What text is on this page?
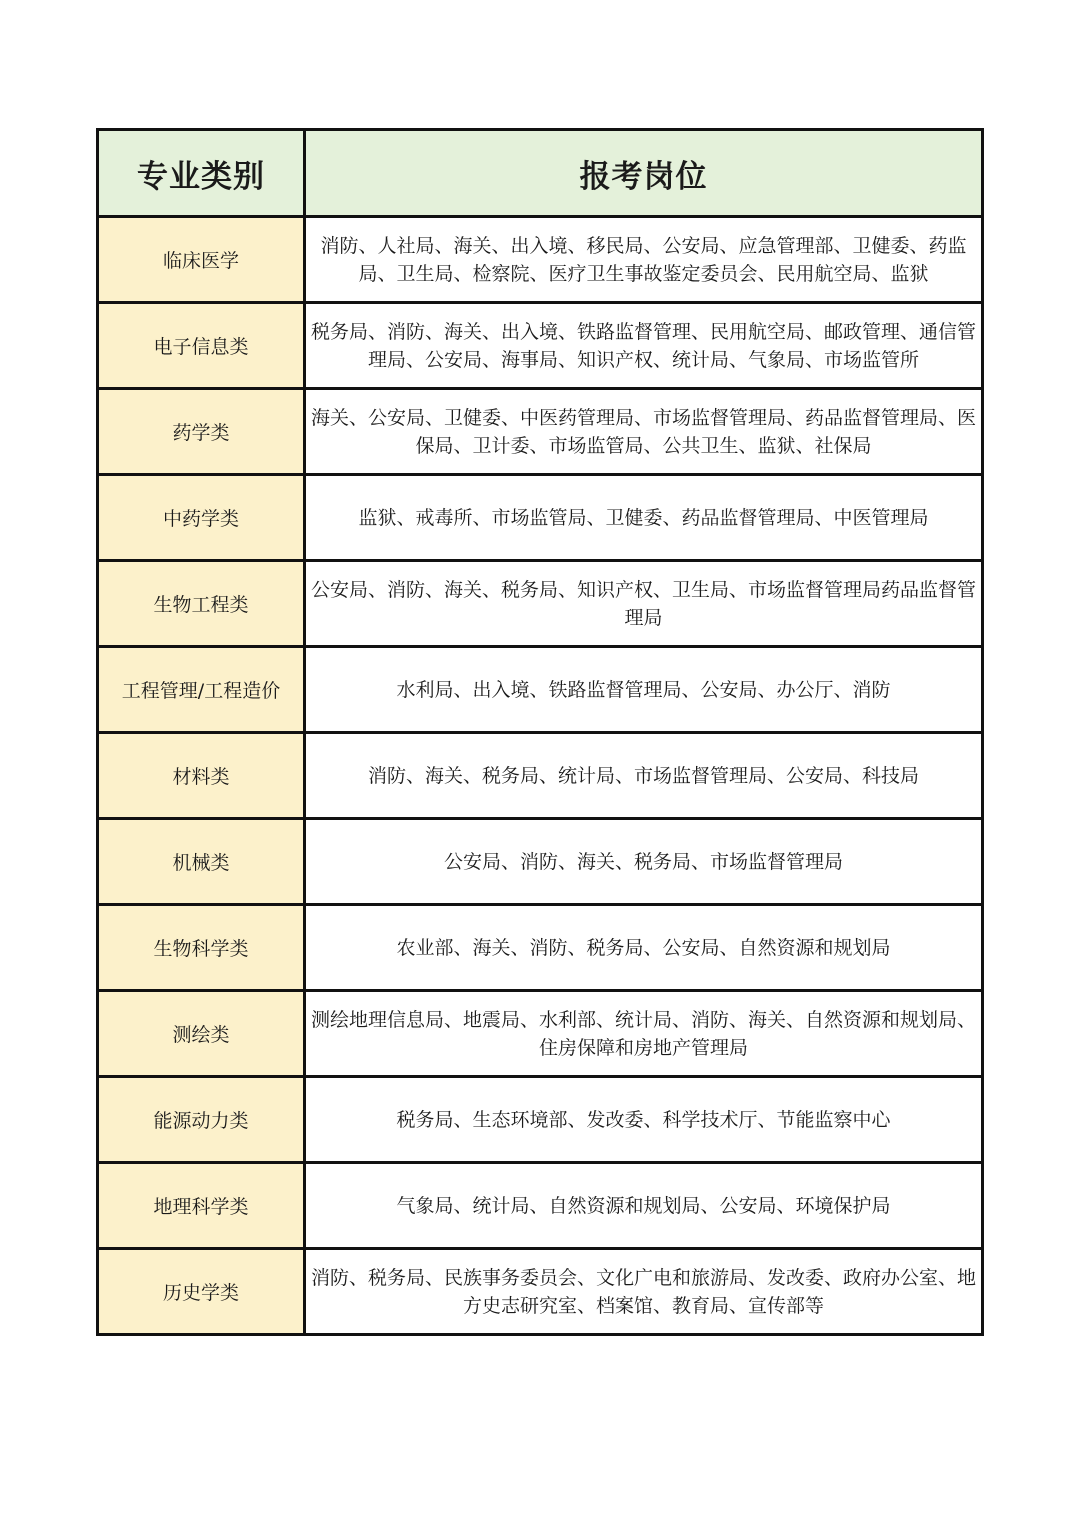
专业类别	报考岗位
临床医学	消防、人社局、海关、出入境、移民局、公安局、应急管理部、卫健委、药监局、卫生局、检察院、医疗卫生事故鉴定委员会、民用航空局、监狱
电子信息类	税务局、消防、海关、出入境、铁路监督管理、民用航空局、邮政管理、通信管理局、公安局、海事局、知识产权、统计局、气象局、市场监管所
药学类	海关、公安局、卫健委、中医药管理局、市场监督管理局、药品监督管理局、医保局、卫计委、市场监管局、公共卫生、监狱、社保局
中药学类	监狱、戒毒所、市场监管局、卫健委、药品监督管理局、中医管理局
生物工程类	公安局、消防、海关、税务局、知识产权、卫生局、市场监督管理局药品监督管理局
工程管理/工程造价	水利局、出入境、铁路监督管理局、公安局、办公厅、消防
材料类	消防、海关、税务局、统计局、市场监督管理局、公安局、科技局
机械类	公安局、消防、海关、税务局、市场监督管理局
生物科学类	农业部、海关、消防、税务局、公安局、自然资源和规划局
测绘类	测绘地理信息局、地震局、水利部、统计局、消防、海关、自然资源和规划局、住房保障和房地产管理局
能源动力类	税务局、生态环境部、发改委、科学技术厅、节能监察中心
地理科学类	气象局、统计局、自然资源和规划局、公安局、环境保护局
历史学类	消防、税务局、民族事务委员会、文化广电和旅游局、发改委、政府办公室、地方史志研究室、档案馆、教育局、宣传部等
